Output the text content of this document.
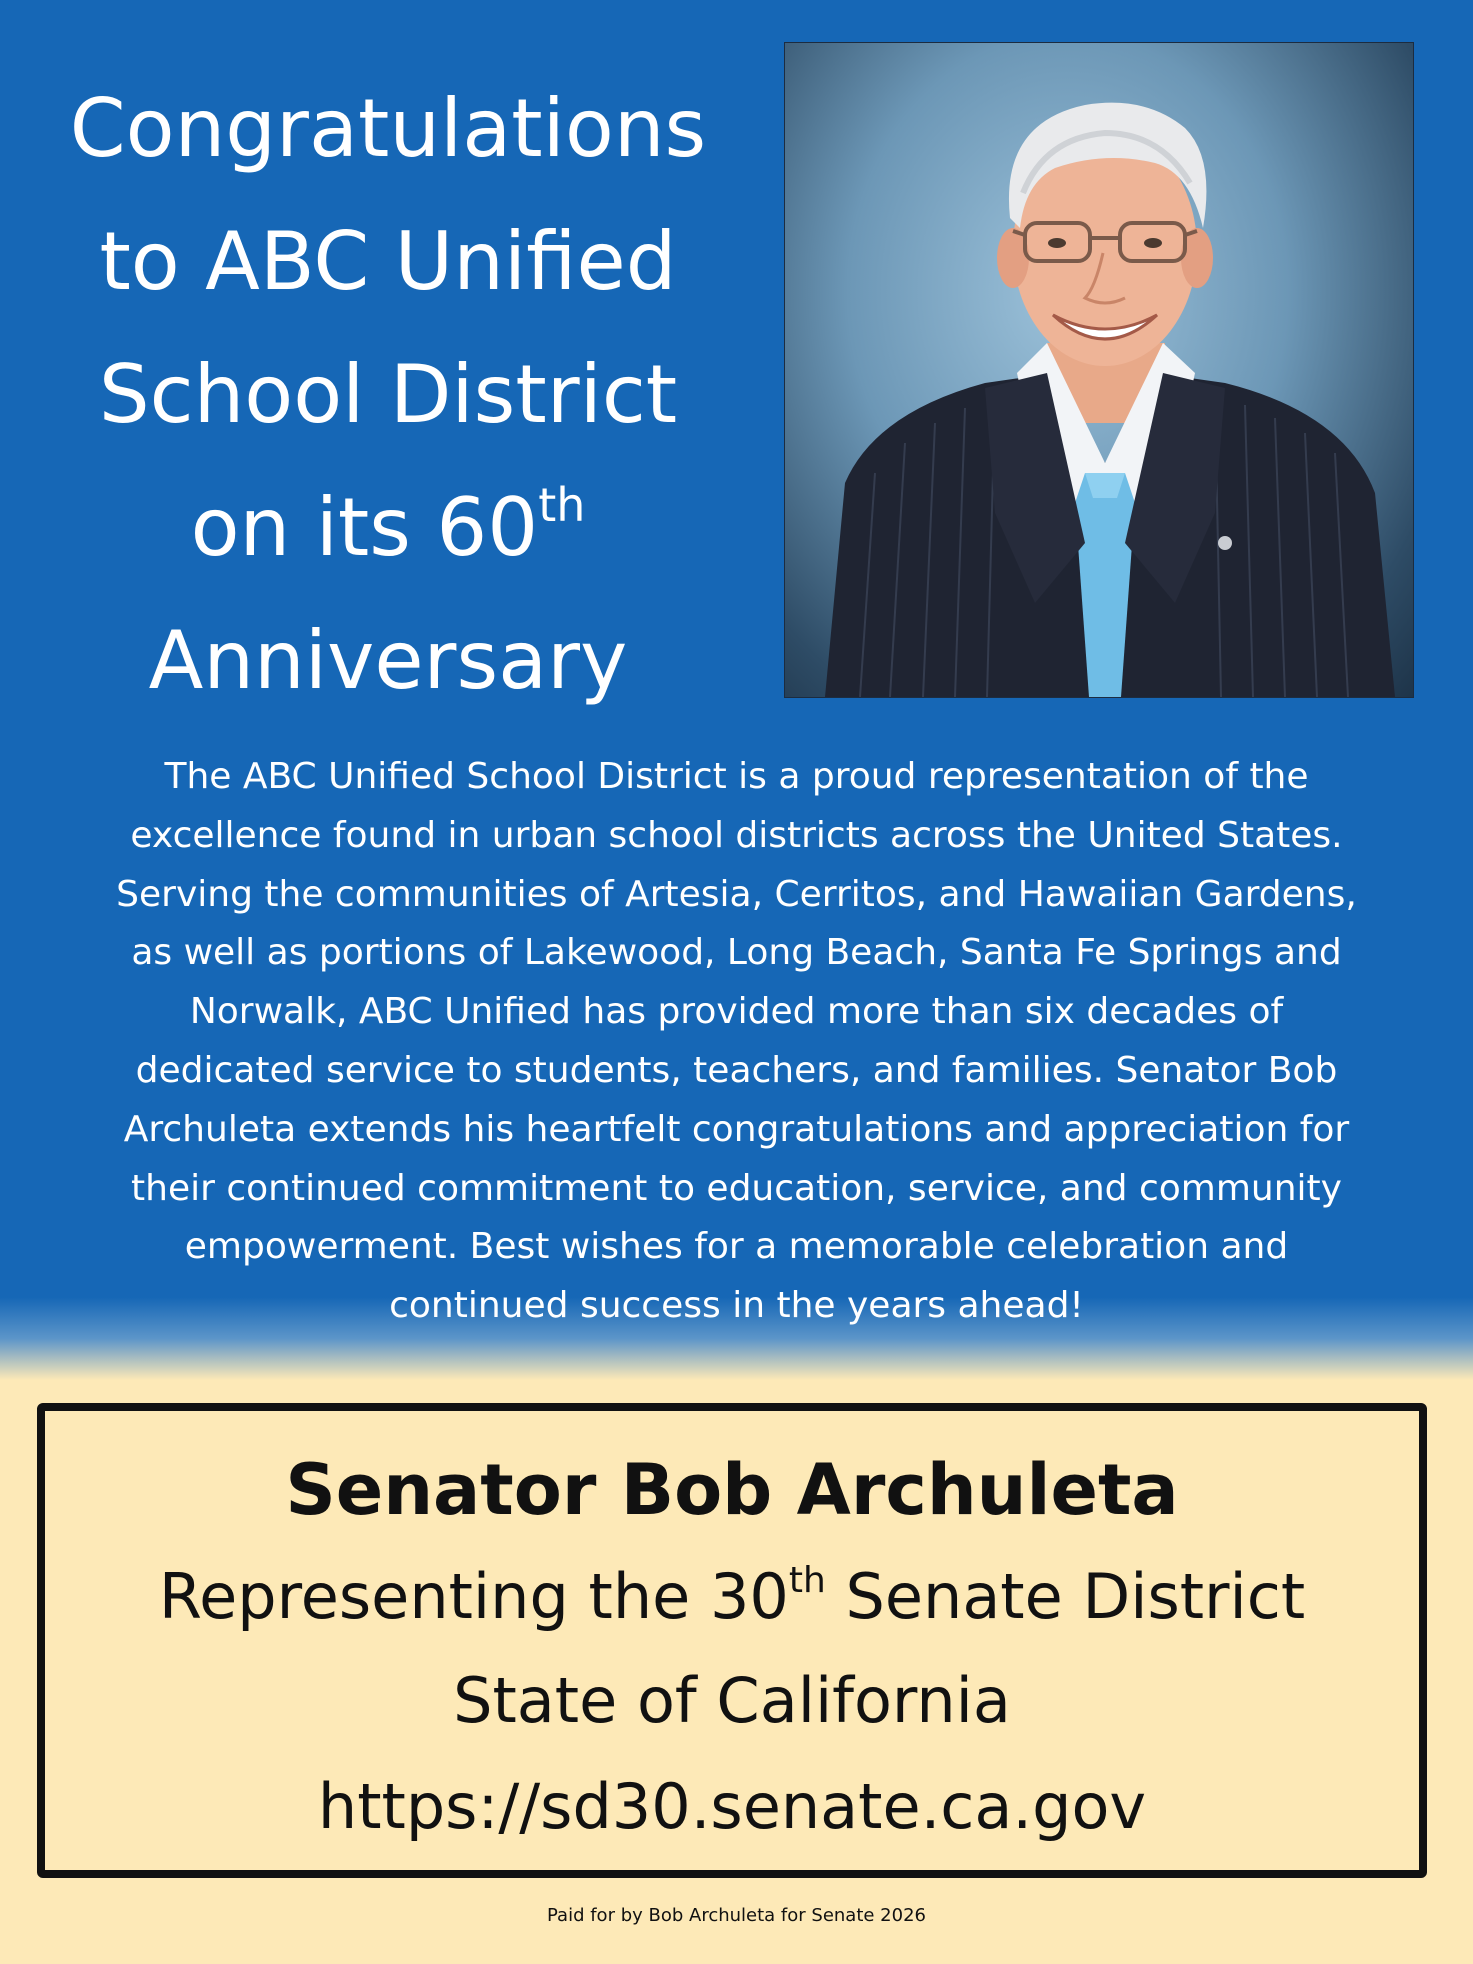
Congratulations
to ABC Unified
School District
on its 60th
Anniversary
The ABC Unified School District is a proud representation of the
excellence found in urban school districts across the United States.
Serving the communities of Artesia, Cerritos, and Hawaiian Gardens,
as well as portions of Lakewood, Long Beach, Santa Fe Springs and
Norwalk, ABC Unified has provided more than six decades of
dedicated service to students, teachers, and families. Senator Bob
Archuleta extends his heartfelt congratulations and appreciation for
their continued commitment to education, service, and community
empowerment. Best wishes for a memorable celebration and
continued success in the years ahead!
Senator Bob Archuleta
Representing the 30th Senate District
State of California
https://sd30.senate.ca.gov
Paid for by Bob Archuleta for Senate 2026
